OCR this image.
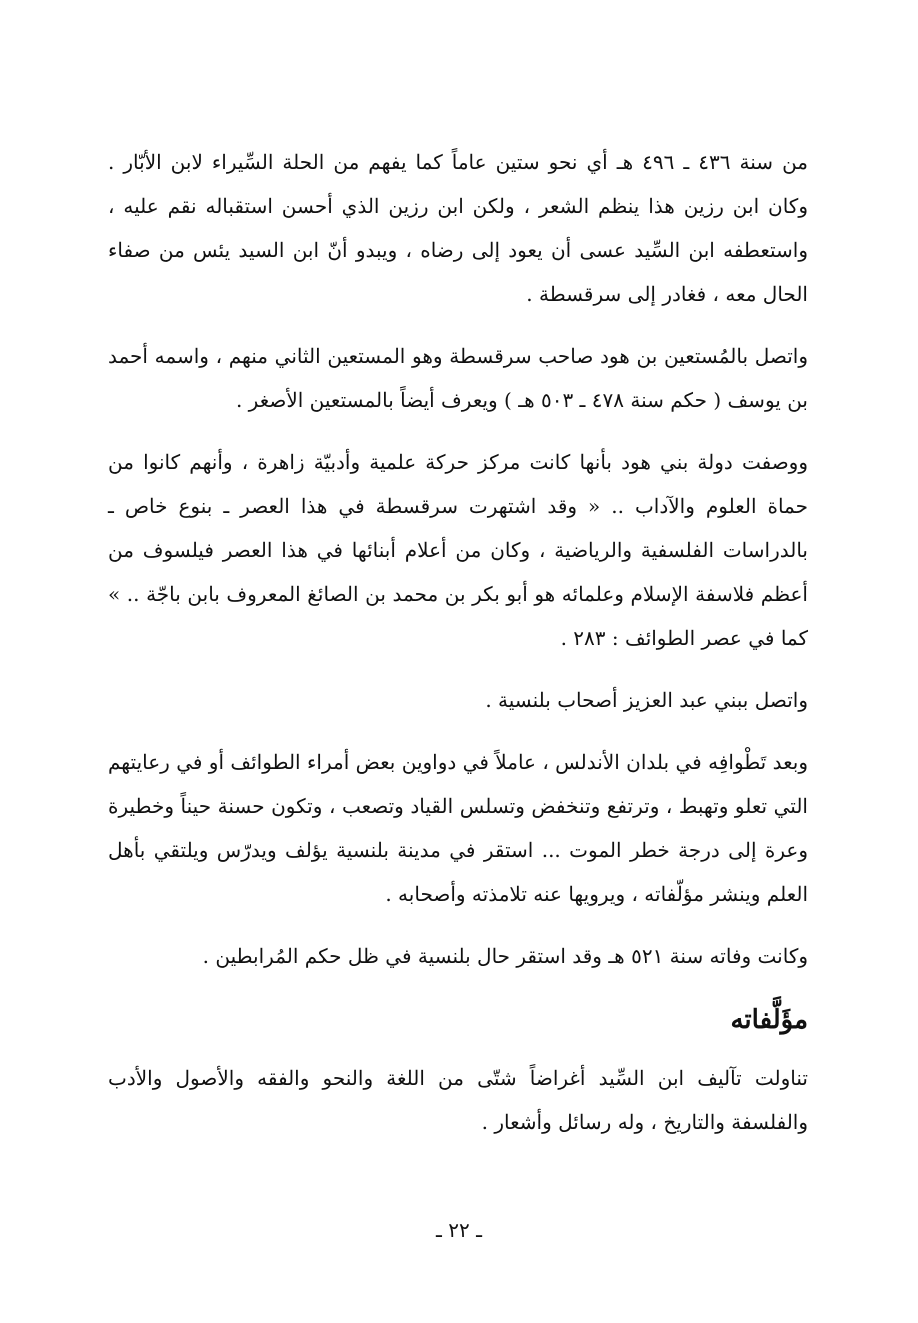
من سنة ٤٣٦ ـ ٤٩٦ هـ أي نحو ستين عاماً كما يفهم من الحلة السِّيراء لابن الأبّار . وكان ابن رزين هذا ينظم الشعر ، ولكن ابن رزين الذي أحسن استقباله نقم عليه ، واستعطفه ابن السِّيد عسى أن يعود إلى رضاه ، ويبدو أنّ ابن السيد يئس من صفاء الحال معه ، فغادر إلى سرقسطة .

واتصل بالمُستعين بن هود صاحب سرقسطة وهو المستعين الثاني منهم ، واسمه أحمد بن يوسف ( حكم سنة ٤٧٨ ـ ٥٠٣ هـ ) ويعرف أيضاً بالمستعين الأصغر .

ووصفت دولة بني هود بأنها كانت مركز حركة علمية وأدبيّة زاهرة ، وأنهم كانوا من حماة العلوم والآداب .. « وقد اشتهرت سرقسطة في هذا العصر ـ بنوع خاص ـ بالدراسات الفلسفية والرياضية ، وكان من أعلام أبنائها في هذا العصر فيلسوف من أعظم فلاسفة الإسلام وعلمائه هو أبو بكر بن محمد بن الصائغ المعروف بابن باجّة .. » كما في عصر الطوائف : ٢٨٣ .

واتصل ببني عبد العزيز أصحاب بلنسية .

وبعد تَطْوافِه في بلدان الأندلس ، عاملاً في دواوين بعض أمراء الطوائف أو في رعايتهم التي تعلو وتهبط ، وترتفع وتنخفض وتسلس القياد وتصعب ، وتكون حسنة حيناً وخطيرة وعرة إلى درجة خطر الموت ... استقر في مدينة بلنسية يؤلف ويدرّس ويلتقي بأهل العلم وينشر مؤلّفاته ، ويرويها عنه تلامذته وأصحابه .

وكانت وفاته سنة ٥٢١ هـ وقد استقر حال بلنسية في ظل حكم المُرابطين .

مؤَلَّفاته

تناولت تآليف ابن السِّيد أغراضاً شتّى من اللغة والنحو والفقه والأصول والأدب والفلسفة والتاريخ ، وله رسائل وأشعار .

ـ ٢٢ ـ
